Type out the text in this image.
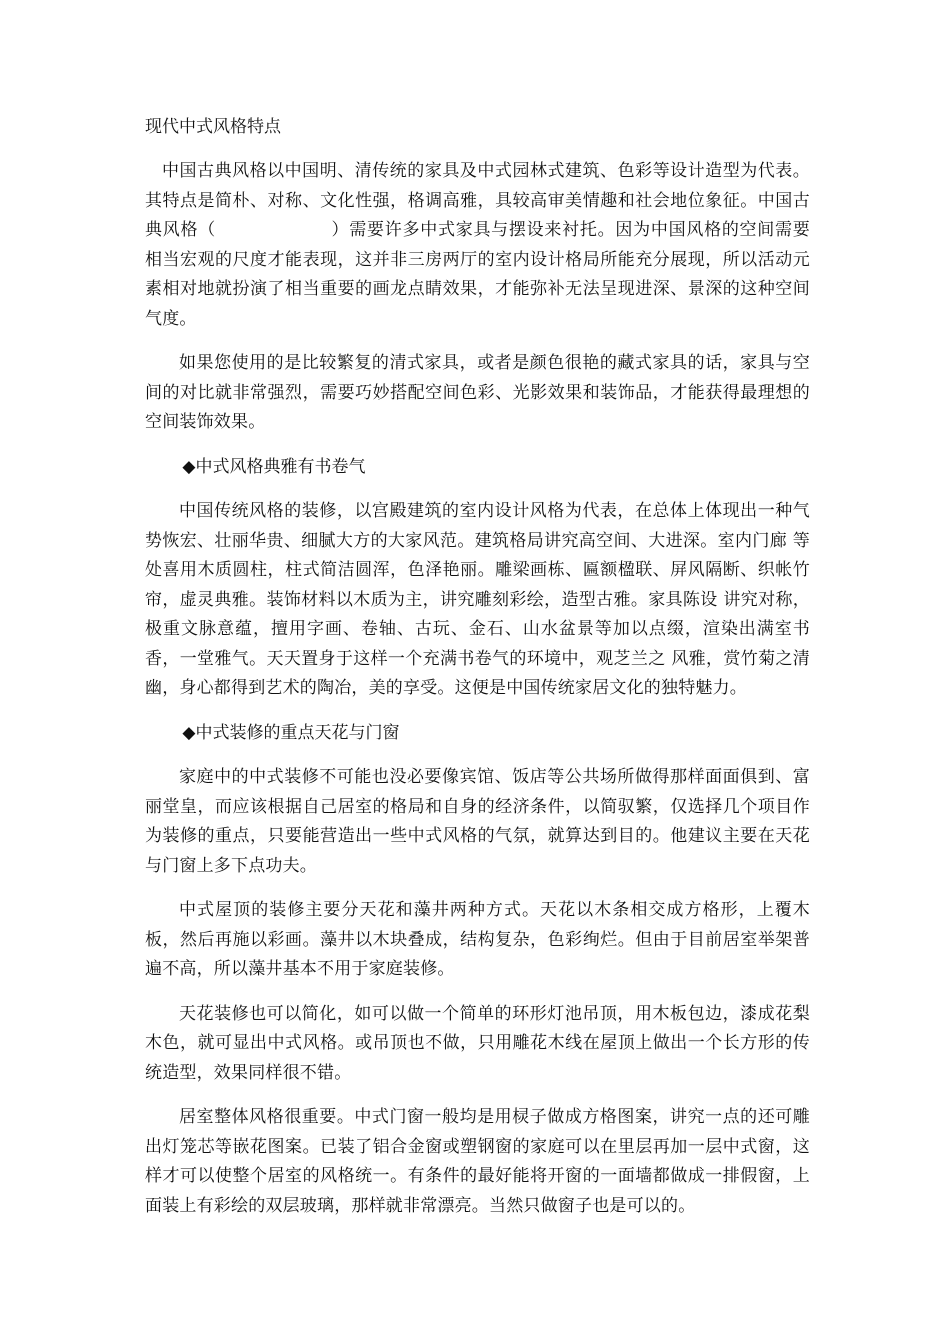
现代中式风格特点

中国古典风格以中国明、清传统的家具及中式园林式建筑、色彩等设计造型为代表。其特点是简朴、对称、文化性强，格调高雅，具较高审美情趣和社会地位象征。中国古典风格（	）需要许多中式家具与摆设来衬托。因为中国风格的空间需要相当宏观的尺度才能表现，这并非三房两厅的室内设计格局所能充分展现，所以活动元素相对地就扮演了相当重要的画龙点睛效果，才能弥补无法呈现进深、景深的这种空间气度。

如果您使用的是比较繁复的清式家具，或者是颜色很艳的藏式家具的话，家具与空间的对比就非常强烈，需要巧妙搭配空间色彩、光影效果和装饰品，才能获得最理想的空间装饰效果。

◆中式风格典雅有书卷气

中国传统风格的装修，以宫殿建筑的室内设计风格为代表，在总体上体现出一种气势恢宏、壮丽华贵、细腻大方的大家风范。建筑格局讲究高空间、大进深。室内门廊 等处喜用木质圆柱，柱式简洁圆浑，色泽艳丽。雕梁画栋、匾额楹联、屏风隔断、织帐竹帘，虚灵典雅。装饰材料以木质为主，讲究雕刻彩绘，造型古雅。家具陈设 讲究对称，极重文脉意蕴，擅用字画、卷轴、古玩、金石、山水盆景等加以点缀，渲染出满室书香，一堂雅气。天天置身于这样一个充满书卷气的环境中，观芝兰之 风雅，赏竹菊之清幽，身心都得到艺术的陶冶，美的享受。这便是中国传统家居文化的独特魅力。

◆中式装修的重点天花与门窗

家庭中的中式装修不可能也没必要像宾馆、饭店等公共场所做得那样面面俱到、富丽堂皇，而应该根据自己居室的格局和自身的经济条件，以简驭繁，仅选择几个项目作为装修的重点，只要能营造出一些中式风格的气氛，就算达到目的。他建议主要在天花与门窗上多下点功夫。

中式屋顶的装修主要分天花和藻井两种方式。天花以木条相交成方格形，上覆木板，然后再施以彩画。藻井以木块叠成，结构复杂，色彩绚烂。但由于目前居室举架普遍不高，所以藻井基本不用于家庭装修。

天花装修也可以简化，如可以做一个简单的环形灯池吊顶，用木板包边，漆成花梨木色，就可显出中式风格。或吊顶也不做，只用雕花木线在屋顶上做出一个长方形的传统造型，效果同样很不错。

居室整体风格很重要。中式门窗一般均是用棂子做成方格图案，讲究一点的还可雕出灯笼芯等嵌花图案。已装了铝合金窗或塑钢窗的家庭可以在里层再加一层中式窗，这样才可以使整个居室的风格统一。有条件的最好能将开窗的一面墙都做成一排假窗，上面装上有彩绘的双层玻璃，那样就非常漂亮。当然只做窗子也是可以的。
